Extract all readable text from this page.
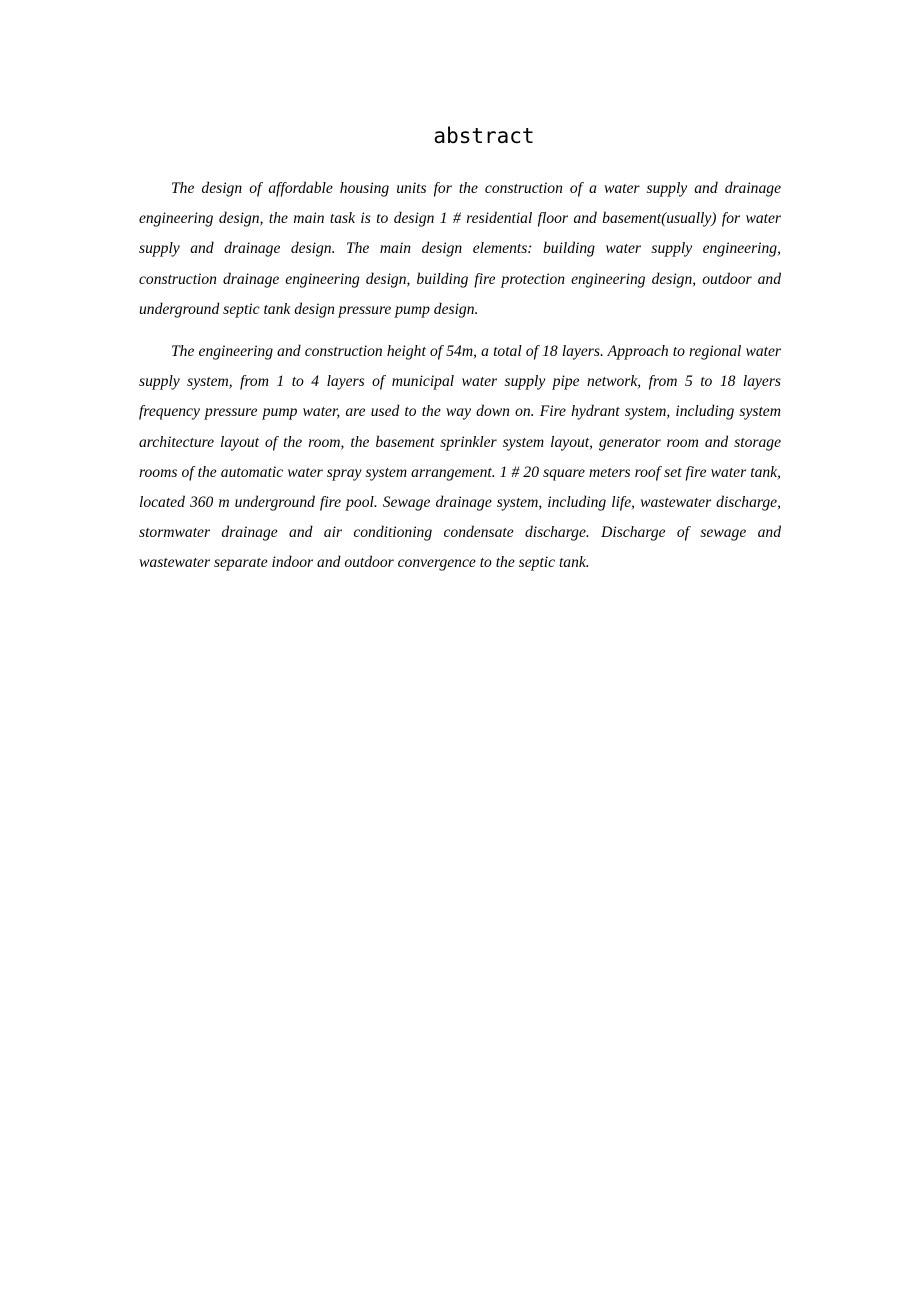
abstract

The design of affordable housing units for the construction of a water supply and drainage engineering design, the main task is to design 1 # residential floor and basement(usually) for water supply and drainage design. The main design elements: building water supply engineering, construction drainage engineering design, building fire protection engineering design, outdoor and underground septic tank design pressure pump design.

The engineering and construction height of 54m, a total of 18 layers. Approach to regional water supply system, from 1 to 4 layers of municipal water supply pipe network, from 5 to 18 layers frequency pressure pump water, are used to the way down on. Fire hydrant system, including system architecture layout of the room, the basement sprinkler system layout, generator room and storage rooms of the automatic water spray system arrangement. 1 # 20 square meters roof set fire water tank, located 360 m underground fire pool. Sewage drainage system, including life, wastewater discharge, stormwater drainage and air conditioning condensate discharge. Discharge of sewage and wastewater separate indoor and outdoor convergence to the septic tank.
